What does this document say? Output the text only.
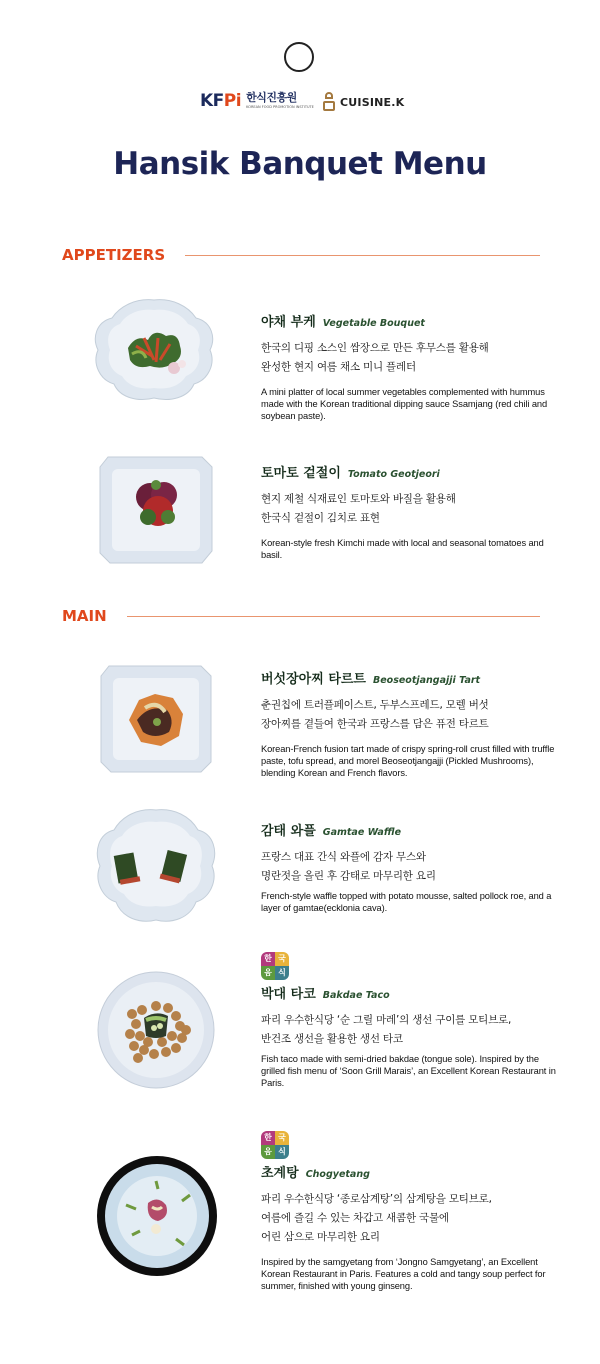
KFPi 한식진흥원
KOREAN FOOD PROMOTION INSTITUTE CUISINE.K
Hansik Banquet Menu
APPETIZERS
MAIN
야채 부케 Vegetable Bouquet
한국의 디핑 소스인 쌈장으로 만든 후무스를 활용해
완성한 현지 여름 채소 미니 플레터
A mini platter of local summer vegetables complemented with hummus made with the Korean traditional dipping sauce Ssamjang (red chili and soybean paste).
토마토 겉절이 Tomato Geotjeori
현지 제철 식재료인 토마토와 바질을 활용해
한국식 겉절이 김치로 표현
Korean-style fresh Kimchi made with local and seasonal tomatoes and basil.
버섯장아찌 타르트 Beoseotjangajji Tart
춘권칩에 트러플페이스트, 두부스프레드, 모렐 버섯
장아찌를 곁들여 한국과 프랑스를 담은 퓨전 타르트
Korean-French fusion tart made of crispy spring-roll crust filled with truffle paste, tofu spread, and morel Beoseotjangajji (Pickled Mushrooms), blending Korean and French flavors.
감태 와플 Gamtae Waffle
프랑스 대표 간식 와플에 감자 무스와
명란젓을 올린 후 감태로 마무리한 요리
French-style waffle topped with potato mousse, salted pollock roe, and a layer of gamtae(ecklonia cava).
한 국
음 식
박대 타코 Bakdae Taco
파리 우수한식당 ‘순 그릴 마레’의 생선 구이를 모티브로,
반건조 생선을 활용한 생선 타코
Fish taco made with semi-dried bakdae (tongue sole). Inspired by the grilled fish menu of ‘Soon Grill Marais’, an Excellent Korean Restaurant in Paris.
한 국
음 식
초계탕 Chogyetang
파리 우수한식당 ‘종로삼계탕’의 삼계탕을 모티브로,
여름에 즐길 수 있는 차갑고 새콤한 국물에
어린 삼으로 마무리한 요리
Inspired by the samgyetang from ‘Jongno Samgyetang’, an Excellent Korean Restaurant in Paris. Features a cold and tangy soup perfect for summer, finished with young ginseng.
